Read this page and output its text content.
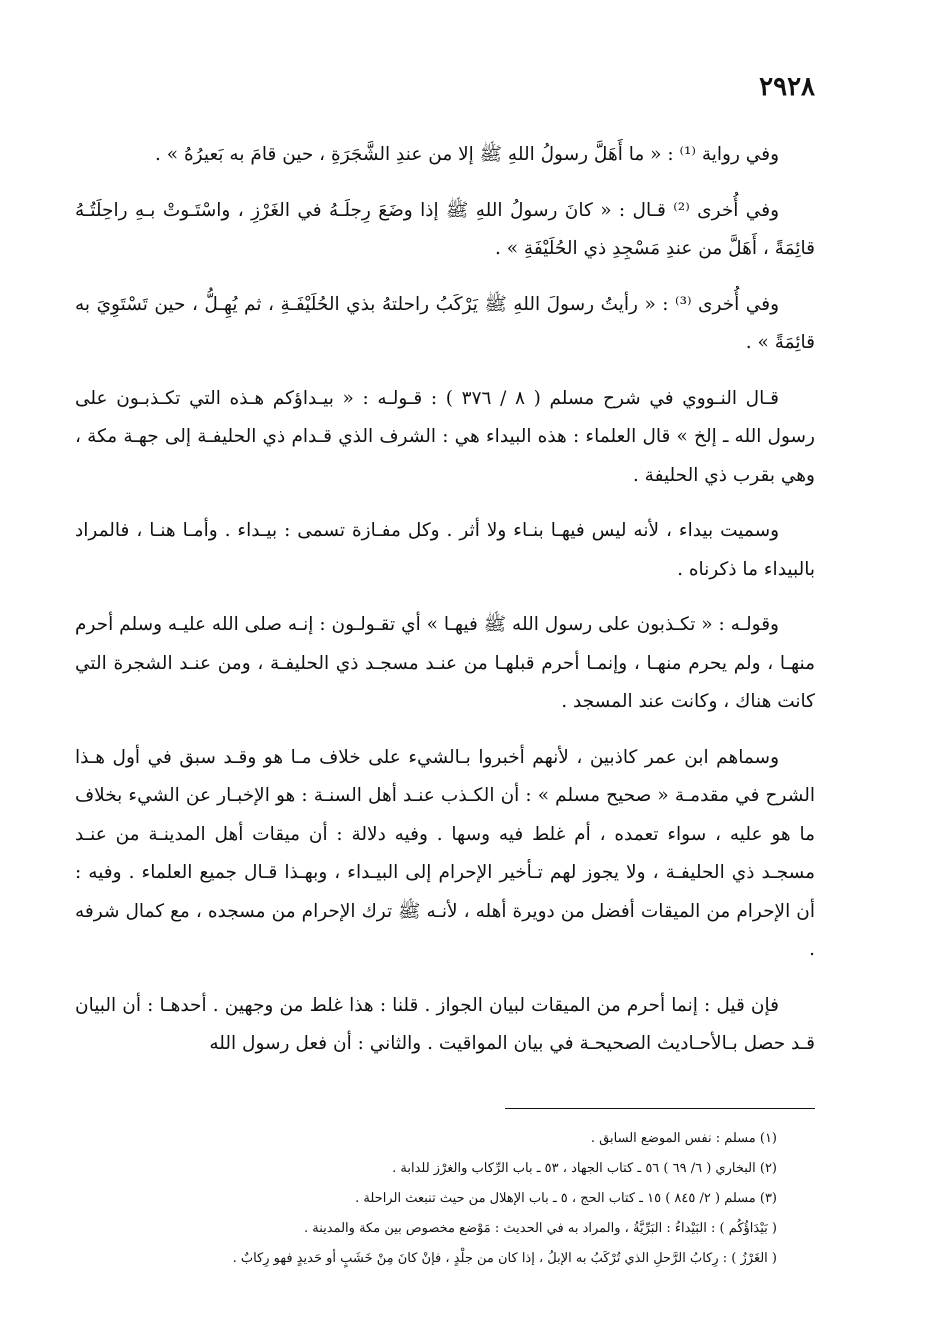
٢٩٢٨

وفي رواية ⁽¹⁾ : « ما أَهَلَّ رسولُ اللهِ ﷺ إلا من عندِ الشَّجَرَةِ ، حين قامَ به بَعيرُهُ » .

وفي أُخرى ⁽²⁾ قـال : « كانَ رسولُ اللهِ ﷺ إذا وضَعَ رِجلَـهُ في الغَرْزِ ، واسْتَـوتْ بـهِ راحِلَتُـهُ قائِمَةً ، أَهَلَّ من عندِ مَسْجِدِ ذي الحُلَيْفَةِ » .

وفي أُخرى ⁽³⁾ : « رأيتُ رسولَ اللهِ ﷺ يَرْكَبُ راحلتهُ بذي الحُلَيْفَـةِ ، ثم يُهِـلُّ ، حين تَسْتَوِيَ به قائِمَةً » .

قـال النـووي في شرح مسلم ( ٨ / ٣٧٦ ) : قـولـه : « بيـداؤكم هـذه التي تكـذبـون على رسول الله ـ إلخ » قال العلماء : هذه البيداء هي : الشرف الذي قـدام ذي الحليفـة إلى جهـة مكة ، وهي بقرب ذي الحليفة .

وسميت بيداء ، لأنه ليس فيهـا بنـاء ولا أثر . وكل مفـازة تسمى : بيـداء . وأمـا هنـا ، فالمراد بالبيداء ما ذكرناه .

وقولـه : « تكـذبون على رسول الله ﷺ فيهـا » أي تقـولـون : إنـه صلى الله عليـه وسلم أحرم منهـا ، ولم يحرم منهـا ، وإنمـا أحرم قبلهـا من عنـد مسجـد ذي الحليفـة ، ومن عنـد الشجرة التي كانت هناك ، وكانت عند المسجد .

وسماهم ابن عمر كاذبين ، لأنهم أخبروا بـالشيء على خلاف مـا هو وقـد سبق في أول هـذا الشرح في مقدمـة « صحيح مسلم » : أن الكـذب عنـد أهل السنـة : هو الإخبـار عن الشيء بخلاف ما هو عليه ، سواء تعمده ، أم غلط فيه وسها . وفيه دلالة : أن ميقات أهل المدينـة من عنـد مسجـد ذي الحليفـة ، ولا يجوز لهم تـأخير الإحرام إلى البيـداء ، وبهـذا قـال جميع العلماء . وفيه : أن الإحرام من الميقات أفضل من دويرة أهله ، لأنـه ﷺ ترك الإحرام من مسجده ، مع كمال شرفه .

فإن قيل : إنما أحرم من الميقات لبيان الجواز . قلنا : هذا غلط من وجهين . أحدهـا : أن البيان قـد حصل بـالأحـاديث الصحيحـة في بيان المواقيت . والثاني : أن فعل رسول الله

(١) مسلم : نفس الموضع السابق .

(٢) البخاري ( ٦/ ٦٩ ) ٥٦ ـ كتاب الجهاد ، ٥٣ ـ باب الرِّكاب والغرْز للدابة .

(٣) مسلم ( ٢/ ٨٤٥ ) ١٥ ـ كتاب الحج ، ٥ ـ باب الإهلال من حيث تنبعث الراحلة .

( بَيْدَاؤُكُم ) : البَيْداءُ : البَرِّيَّةُ ، والمراد به في الحديث : مَوْضع مخصوص بين مكة والمدينة .

( الغَرْزُ ) : رِكابُ الرَّحلِ الذي تُرْكَبُ به الإبلُ ، إذا كان من جلْدٍ ، فإنْ كانَ مِنْ خَشَبٍ أو حَديدٍ فهو رِكابٌ .
